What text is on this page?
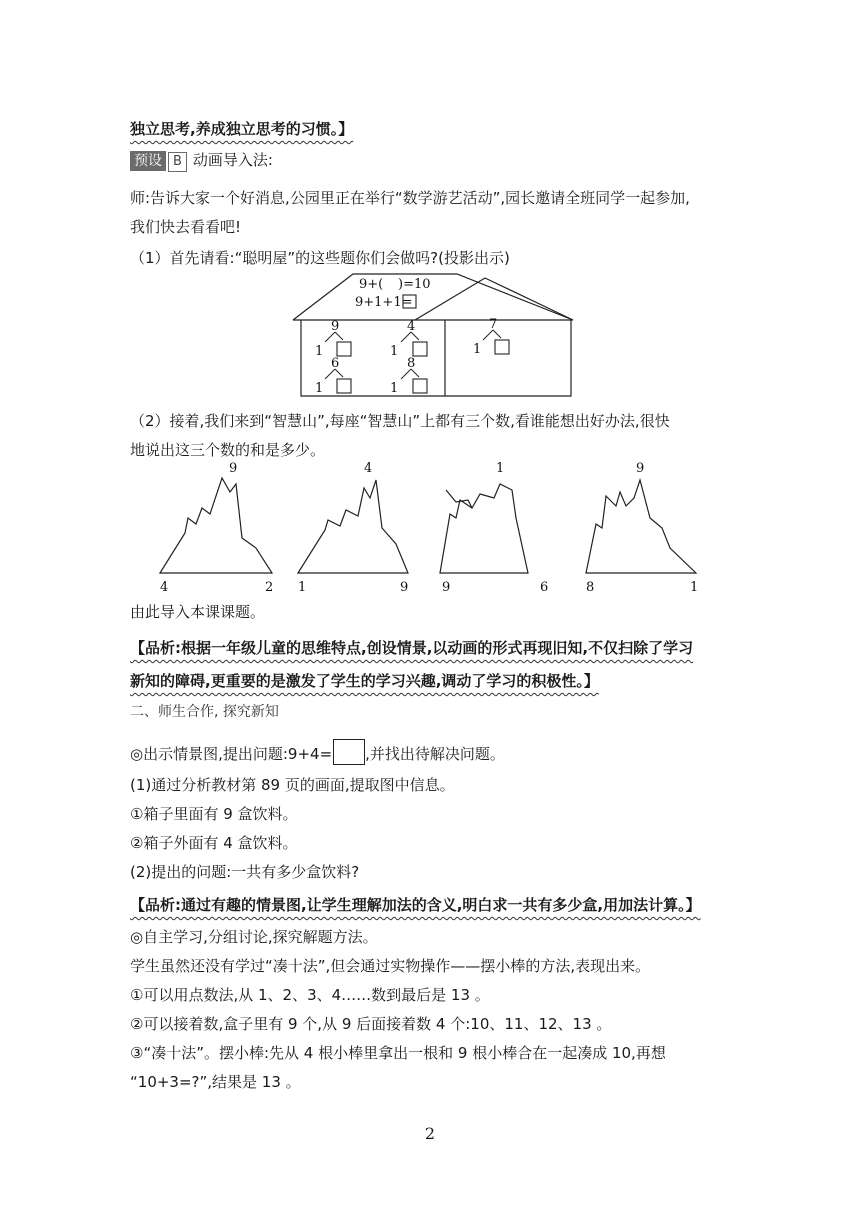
独立思考,养成独立思考的习惯。】
预设 B 动画导入法:
师:告诉大家一个好消息,公园里正在举行“数学游艺活动”,园长邀请全班同学一起参加,
我们快去看看吧!
（1）首先请看:“聪明屋”的这些题你们会做吗?(投影出示)
9+( )=10
9+1+1=
9
1
4
1
7
1
6
1
8
1
（2）接着,我们来到“智慧山”,每座“智慧山”上都有三个数,看谁能想出好办法,很快
地说出这三个数的和是多少。
9
4	2
4
1	9
1
9	6
9
8	1
由此导入本课课题。
【品析:根据一年级儿童的思维特点,创设情景,以动画的形式再现旧知,不仅扫除了学习
新知的障碍,更重要的是激发了学生的学习兴趣,调动了学习的积极性。】
二、师生合作, 探究新知
◎出示情景图,提出问题:9+4= ,并找出待解决问题。
(1)通过分析教材第 89 页的画面,提取图中信息。
①箱子里面有 9 盒饮料。
②箱子外面有 4 盒饮料。
(2)提出的问题:一共有多少盒饮料?
【品析:通过有趣的情景图,让学生理解加法的含义,明白求一共有多少盒,用加法计算。】
◎自主学习,分组讨论,探究解题方法。
学生虽然还没有学过“凑十法”,但会通过实物操作——摆小棒的方法,表现出来。
①可以用点数法,从 1、2、3、4……数到最后是 13 。
②可以接着数,盒子里有 9 个,从 9 后面接着数 4 个:10、11、12、13 。
③“凑十法”。摆小棒:先从 4 根小棒里拿出一根和 9 根小棒合在一起凑成 10,再想
“10+3=?”,结果是 13 。
2
